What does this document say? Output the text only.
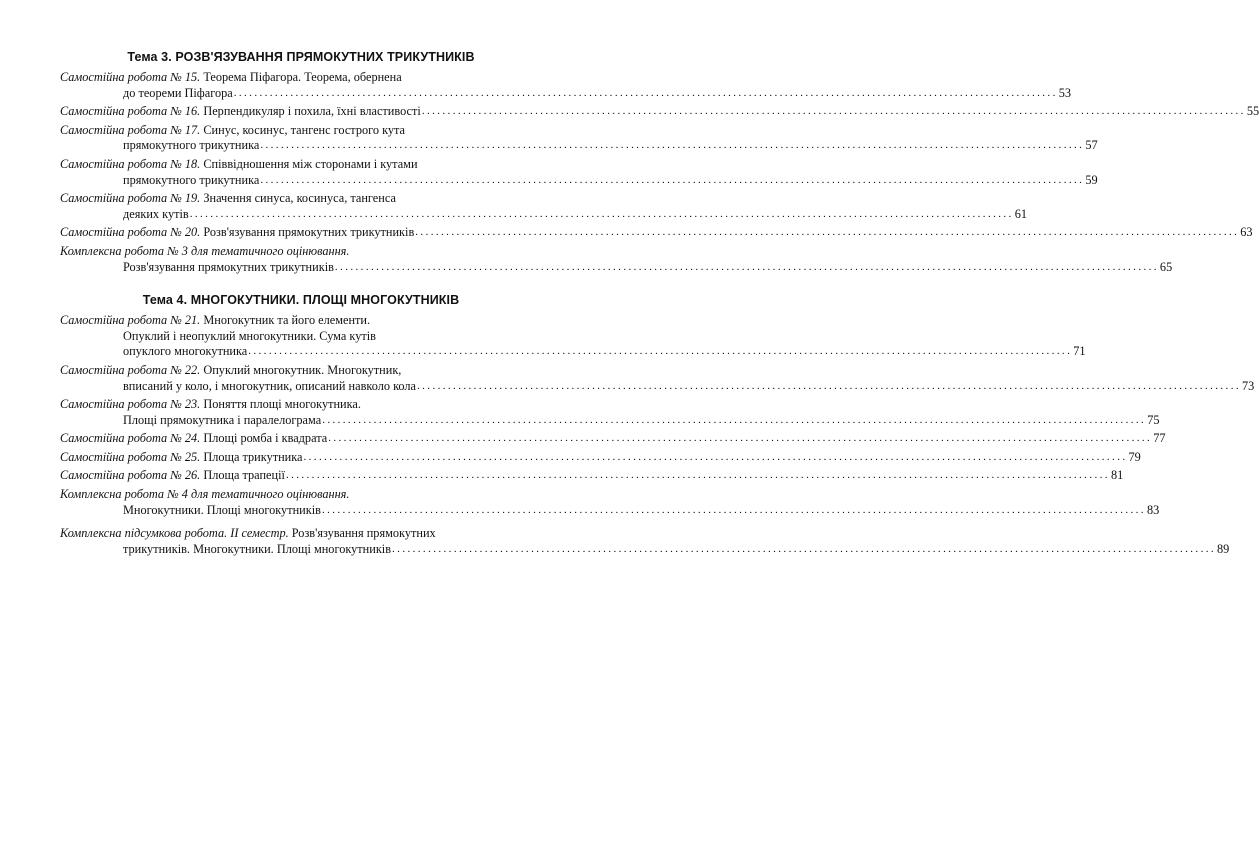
Тема 3. РОЗВ'ЯЗУВАННЯ ПРЯМОКУТНИХ ТРИКУТНИКІВ
Самостійна робота № 15. Теорема Піфагора. Теорема, обернена
до теореми Піфагора ................................................................................................................................................................ 53
Самостійна робота № 16. Перпендикуляр і похила, їхні властивості ................................................................................................................................................................ 55
Самостійна робота № 17. Синус, косинус, тангенс гострого кута
прямокутного трикутника ................................................................................................................................................................ 57
Самостійна робота № 18. Співвідношення між сторонами і кутами
прямокутного трикутника ................................................................................................................................................................ 59
Самостійна робота № 19. Значення синуса, косинуса, тангенса
деяких кутів ................................................................................................................................................................ 61
Самостійна робота № 20. Розв'язування прямокутних трикутників ................................................................................................................................................................ 63
Комплексна робота № 3 для тематичного оцінювання.
Розв'язування прямокутних трикутників ................................................................................................................................................................ 65
Тема 4. МНОГОКУТНИКИ. ПЛОЩІ МНОГОКУТНИКІВ
Самостійна робота № 21. Многокутник та його елементи.
Опуклий і неопуклий многокутники. Сума кутів
опуклого многокутника ................................................................................................................................................................ 71
Самостійна робота № 22. Опуклий многокутник. Многокутник,
вписаний у коло, і многокутник, описаний навколо кола ................................................................................................................................................................ 73
Самостійна робота № 23. Поняття площі многокутника.
Площі прямокутника і паралелограма ................................................................................................................................................................ 75
Самостійна робота № 24. Площі ромба і квадрата ................................................................................................................................................................ 77
Самостійна робота № 25. Площа трикутника ................................................................................................................................................................ 79
Самостійна робота № 26. Площа трапеції ................................................................................................................................................................ 81
Комплексна робота № 4 для тематичного оцінювання.
Многокутники. Площі многокутників ................................................................................................................................................................ 83
Комплексна підсумкова робота. ІІ семестр. Розв'язування прямокутних
трикутників. Многокутники. Площі многокутників ................................................................................................................................................................ 89
